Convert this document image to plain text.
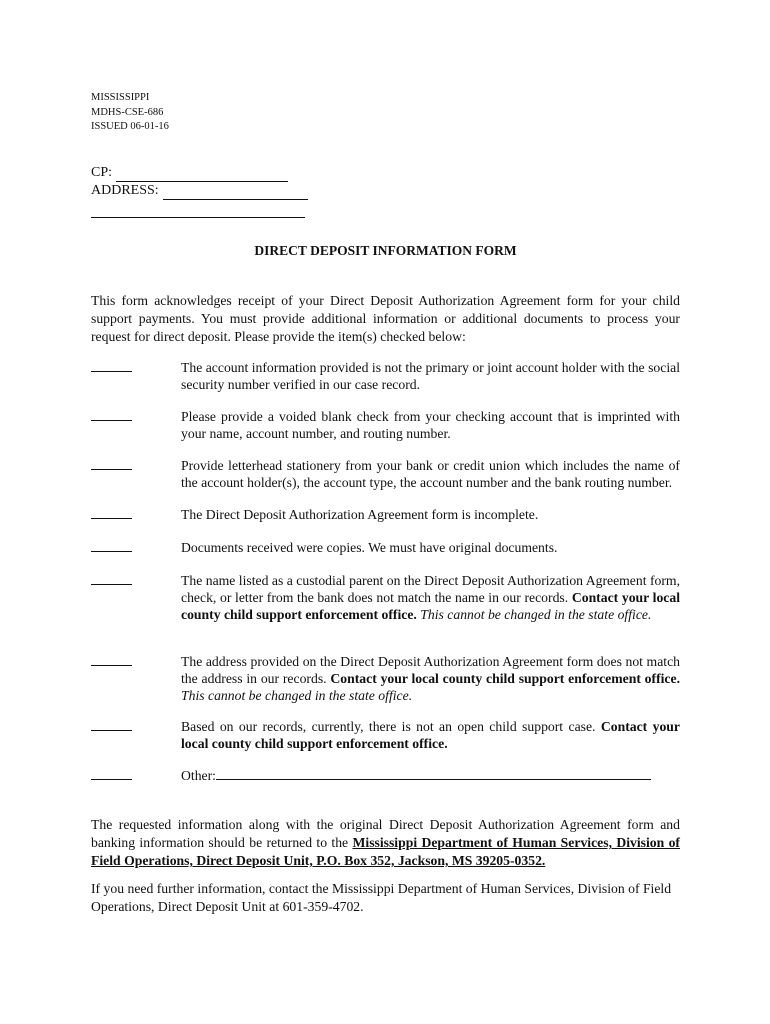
MISSISSIPPI
MDHS-CSE-686
ISSUED 06-01-16
CP:
ADDRESS:
DIRECT DEPOSIT INFORMATION FORM
This form acknowledges receipt of your Direct Deposit Authorization Agreement form for your child support payments. You must provide additional information or additional documents to process your request for direct deposit. Please provide the item(s) checked below:
The account information provided is not the primary or joint account holder with the social security number verified in our case record.
Please provide a voided blank check from your checking account that is imprinted with your name, account number, and routing number.
Provide letterhead stationery from your bank or credit union which includes the name of the account holder(s), the account type, the account number and the bank routing number.
The Direct Deposit Authorization Agreement form is incomplete.
Documents received were copies. We must have original documents.
The name listed as a custodial parent on the Direct Deposit Authorization Agreement form, check, or letter from the bank does not match the name in our records. Contact your local county child support enforcement office. This cannot be changed in the state office.
The address provided on the Direct Deposit Authorization Agreement form does not match the address in our records. Contact your local county child support enforcement office. This cannot be changed in the state office.
Based on our records, currently, there is not an open child support case. Contact your local county child support enforcement office.
Other:
The requested information along with the original Direct Deposit Authorization Agreement form and banking information should be returned to the Mississippi Department of Human Services, Division of Field Operations, Direct Deposit Unit, P.O. Box 352, Jackson, MS 39205-0352.
If you need further information, contact the Mississippi Department of Human Services, Division of Field Operations, Direct Deposit Unit at 601-359-4702.
